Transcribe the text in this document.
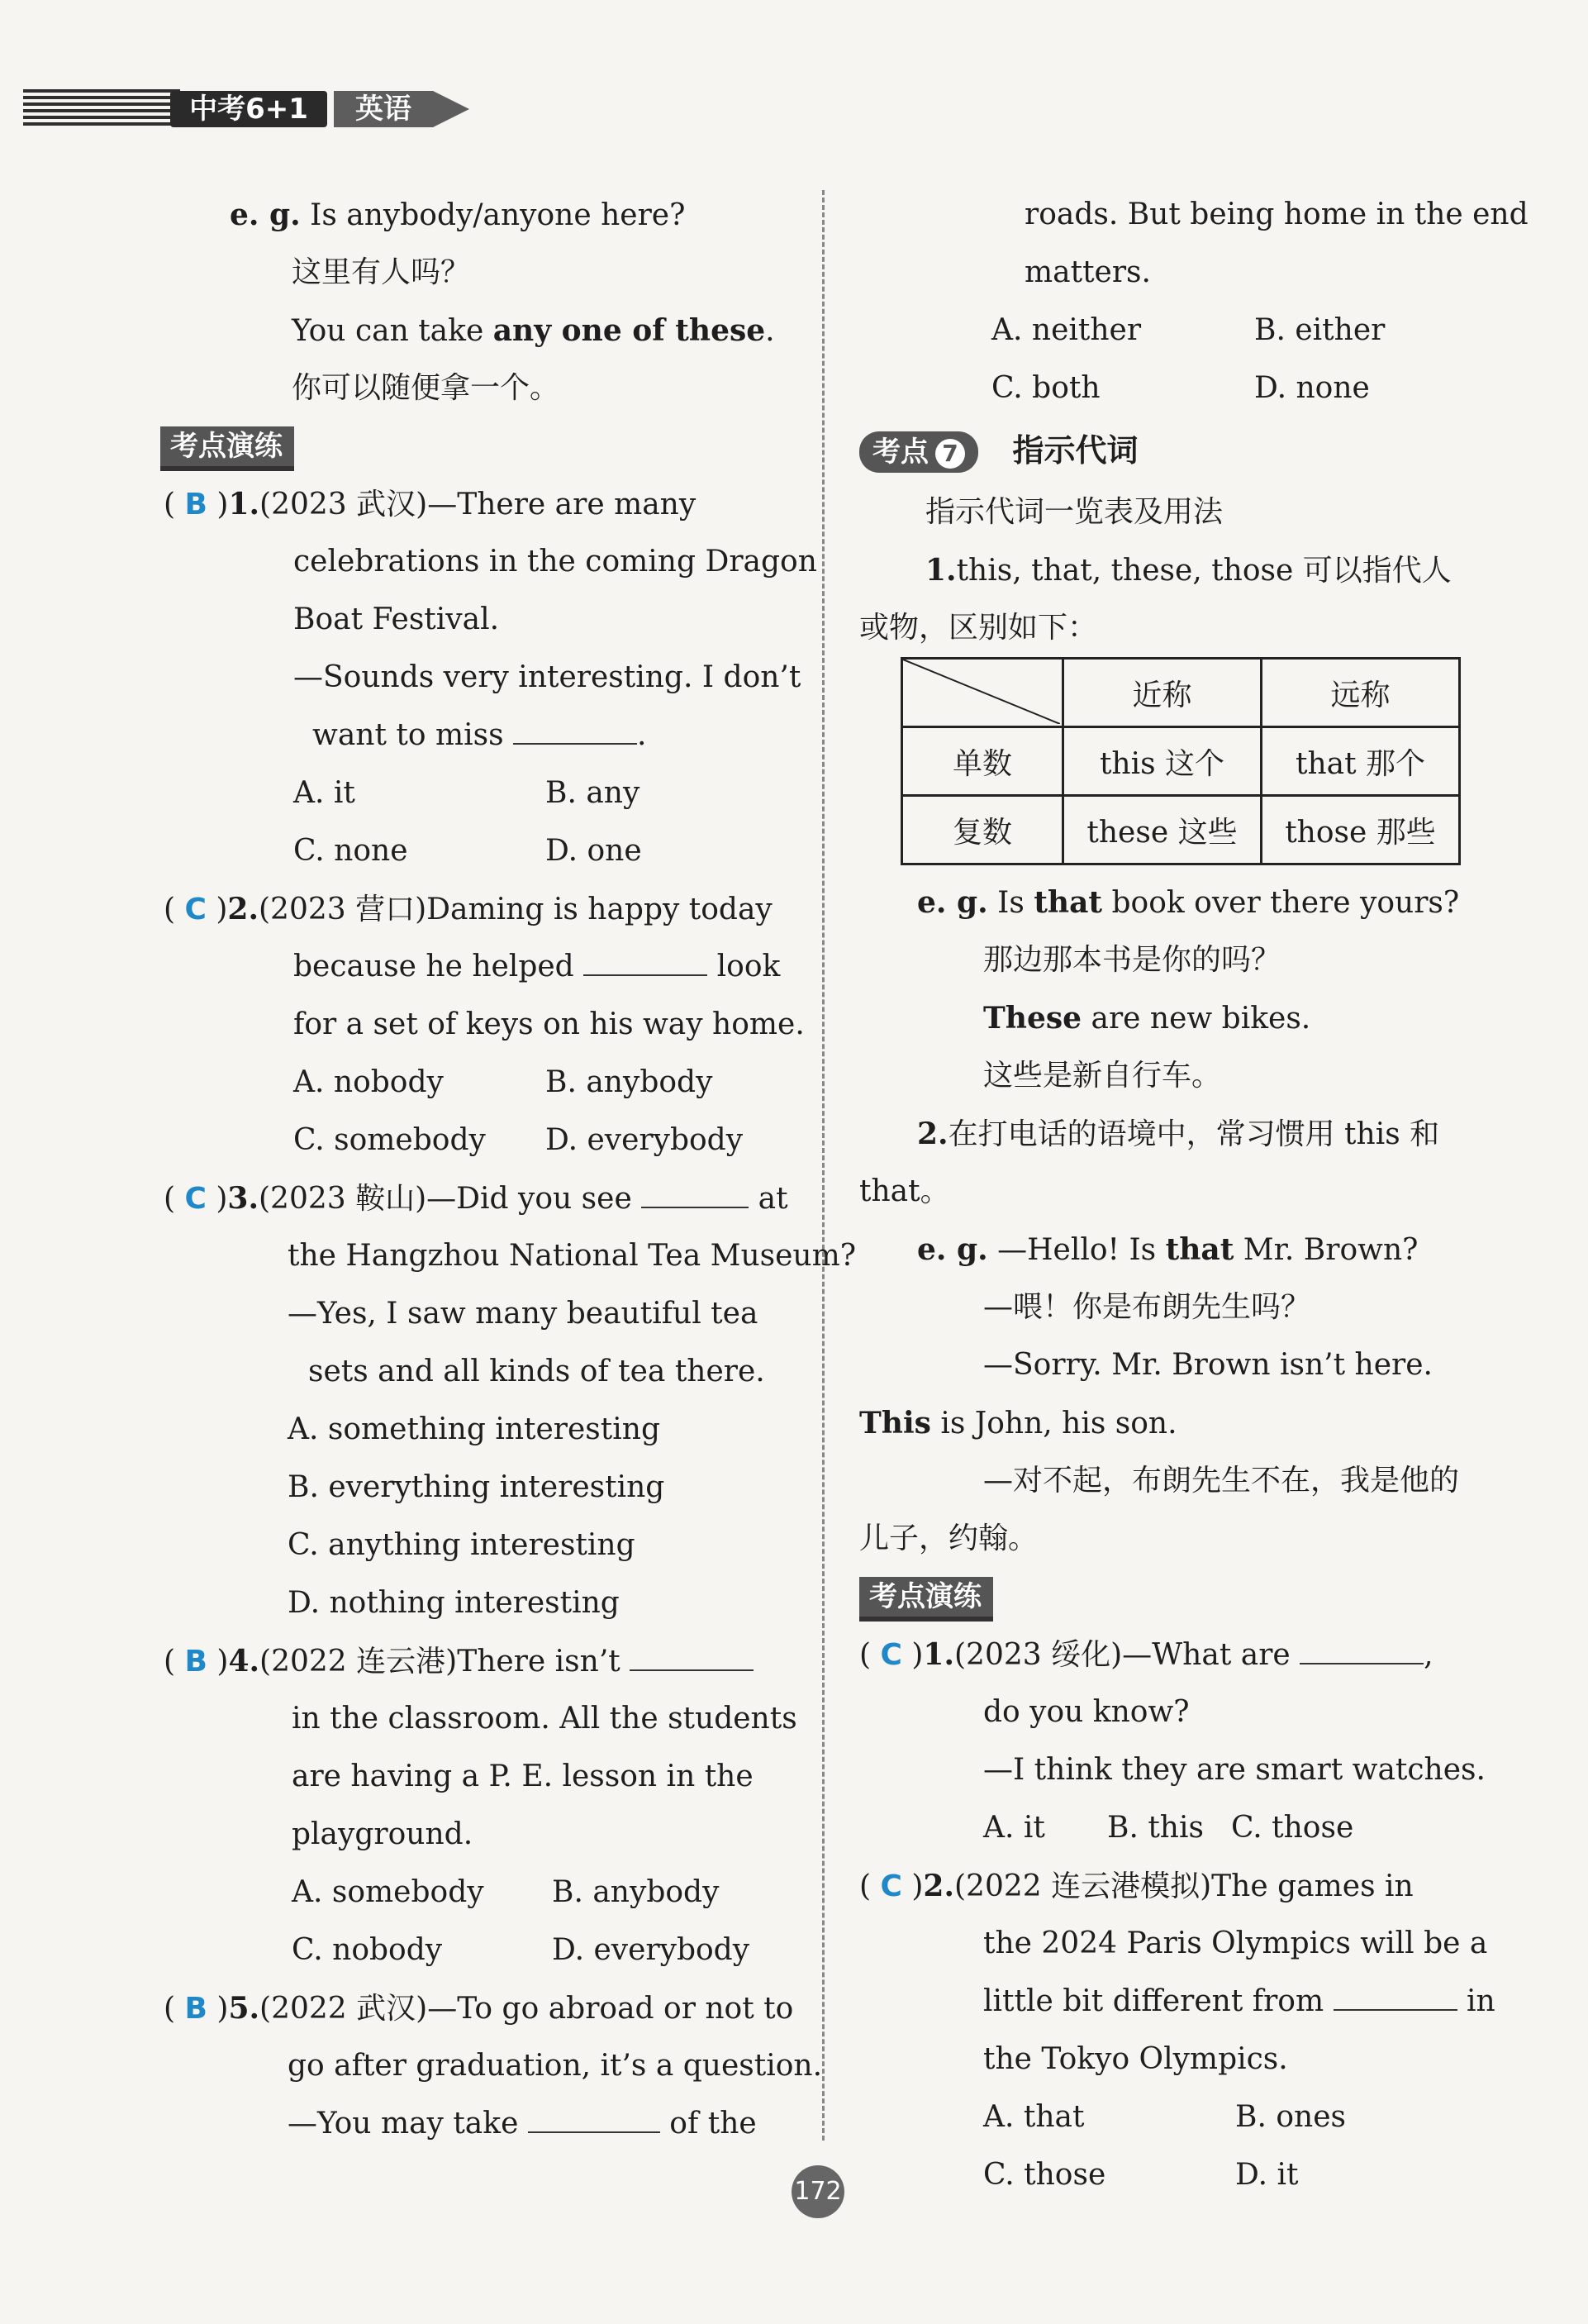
中考6+1	英语
e. g. Is anybody/anyone here?
这里有人吗？
You can take any one of these.
你可以随便拿一个。
考点演练
( B )1.(2023 武汉)—There are many
celebrations in the coming Dragon
Boat Festival.
—Sounds very interesting. I don’t
want to miss	.
A. it	B. any
C. none	D. one
( C )2.(2023 营口)Daming is happy today
because he helped	look
for a set of keys on his way home.
A. nobody	B. anybody
C. somebody D. everybody
( C )3.(2023 鞍山)—Did you see	at
the Hangzhou National Tea Museum?
—Yes, I saw many beautiful tea
sets and all kinds of tea there.
A. something interesting
B. everything interesting
C. anything interesting
D. nothing interesting
( B )4.(2022 连云港)There isn’t
in the classroom. All the students
are having a P. E. lesson in the
playground.
A. somebody B. anybody
C. nobody	D. everybody
( B )5.(2022 武汉)—To go abroad or not to
go after graduation, it’s a question.
—You may take	of the
roads. But being home in the end
matters.
A. neither	B. either
C. both	D. none
考点 7 指示代词
指示代词一览表及用法
1.this, that, these, those 可以指代人
或物，区别如下：
	近称	远称
单数	this 这个	that 那个
复数	these 这些	those 那些
e. g. Is that book over there yours?
那边那本书是你的吗？
These are new bikes.
这些是新自行车。
2.在打电话的语境中，常习惯用 this 和
that。
e. g. —Hello! Is that Mr. Brown?
—喂！你是布朗先生吗？
—Sorry. Mr. Brown isn’t here.
This is John, his son.
—对不起，布朗先生不在，我是他的
儿子，约翰。
考点演练
( C )1.(2023 绥化)—What are	,
do you know?
—I think they are smart watches.
A. it B. this C. those
( C )2.(2022 连云港模拟)The games in
the 2024 Paris Olympics will be a
little bit different from	in
the Tokyo Olympics.
A. that	B. ones
C. those	D. it
172
